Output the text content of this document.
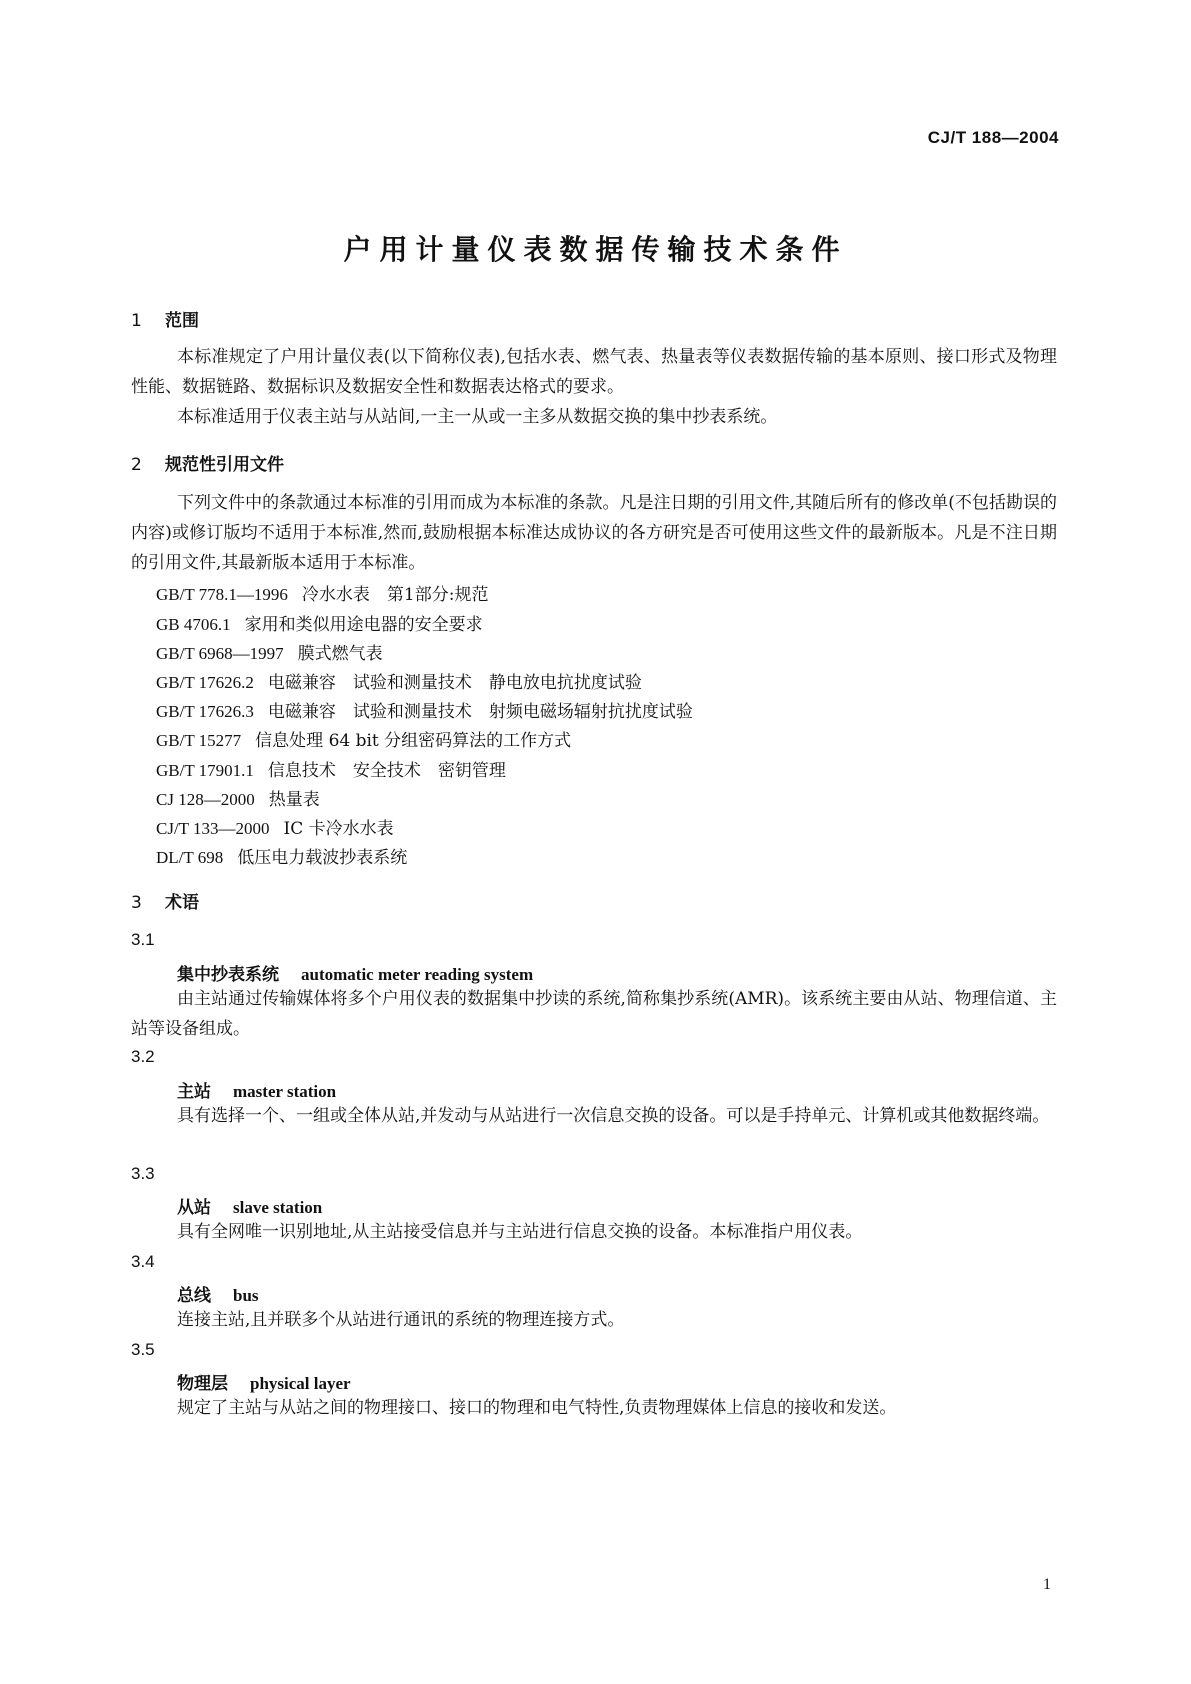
CJ/T 188—2004
户用计量仪表数据传输技术条件
1 范围

本标准规定了户用计量仪表(以下简称仪表),包括水表、燃气表、热量表等仪表数据传输的基本原则、接口形式及物理性能、数据链路、数据标识及数据安全性和数据表达格式的要求。

本标准适用于仪表主站与从站间,一主一从或一主多从数据交换的集中抄表系统。

2 规范性引用文件

下列文件中的条款通过本标准的引用而成为本标准的条款。凡是注日期的引用文件,其随后所有的修改单(不包括勘误的内容)或修订版均不适用于本标准,然而,鼓励根据本标准达成协议的各方研究是否可使用这些文件的最新版本。凡是不注日期的引用文件,其最新版本适用于本标准。

GB/T 778.1—1996 冷水水表　第1部分:规范
GB 4706.1 家用和类似用途电器的安全要求
GB/T 6968—1997 膜式燃气表
GB/T 17626.2 电磁兼容　试验和测量技术　静电放电抗扰度试验
GB/T 17626.3 电磁兼容　试验和测量技术　射频电磁场辐射抗扰度试验
GB/T 15277 信息处理 64 bit 分组密码算法的工作方式
GB/T 17901.1 信息技术　安全技术　密钥管理
CJ 128—2000 热量表
CJ/T 133—2000 IC 卡冷水水表
DL/T 698 低压电力载波抄表系统
3 术语
3.1
集中抄表系统 automatic meter reading system

由主站通过传输媒体将多个户用仪表的数据集中抄读的系统,简称集抄系统(AMR)。该系统主要由从站、物理信道、主站等设备组成。

3.2
主站 master station

具有选择一个、一组或全体从站,并发动与从站进行一次信息交换的设备。可以是手持单元、计算机或其他数据终端。

3.3
从站 slave station

具有全网唯一识别地址,从主站接受信息并与主站进行信息交换的设备。本标准指户用仪表。

3.4
总线 bus

连接主站,且并联多个从站进行通讯的系统的物理连接方式。

3.5
物理层 physical layer

规定了主站与从站之间的物理接口、接口的物理和电气特性,负责物理媒体上信息的接收和发送。

1
